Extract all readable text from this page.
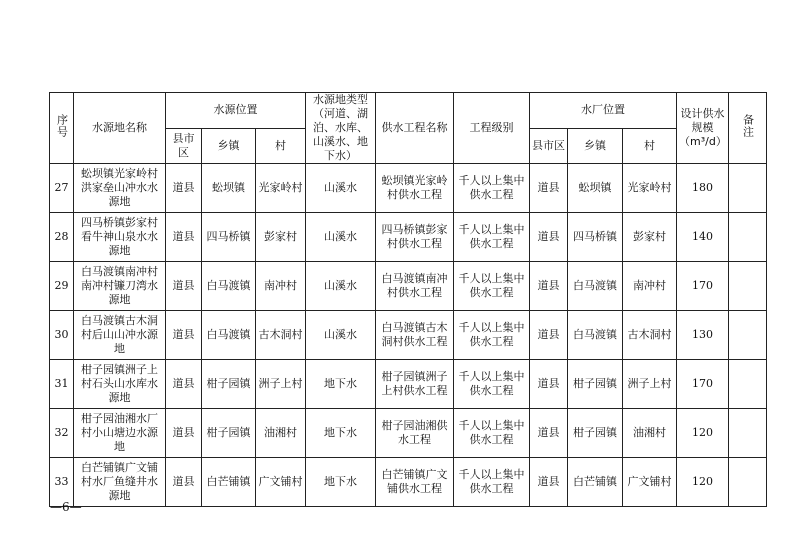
序号	水源地名称	水源位置			水源地类型（河道、湖泊、水库、山溪水、地下水）	供水工程名称	工程级别	水厂位置			设计供水规模（m³/d）	备注
		县市区	乡镇	村				县市区	乡镇	村		
27	蚣坝镇光家岭村洪家垒山冲水水源地	道县	蚣坝镇	光家岭村	山溪水	蚣坝镇光家岭村供水工程	千人以上集中供水工程	道县	蚣坝镇	光家岭村	180	
28	四马桥镇彭家村看牛神山泉水水源地	道县	四马桥镇	彭家村	山溪水	四马桥镇彭家村供水工程	千人以上集中供水工程	道县	四马桥镇	彭家村	140	
29	白马渡镇南冲村南冲村镰刀湾水源地	道县	白马渡镇	南冲村	山溪水	白马渡镇南冲村供水工程	千人以上集中供水工程	道县	白马渡镇	南冲村	170	
30	白马渡镇古木洞村后山山冲水源地	道县	白马渡镇	古木洞村	山溪水	白马渡镇古木洞村供水工程	千人以上集中供水工程	道县	白马渡镇	古木洞村	130	
31	柑子园镇洲子上村石头山水库水源地	道县	柑子园镇	洲子上村	地下水	柑子园镇洲子上村供水工程	千人以上集中供水工程	道县	柑子园镇	洲子上村	170	
32	柑子园油湘水厂村小山塘边水源地	道县	柑子园镇	油湘村	地下水	柑子园油湘供水工程	千人以上集中供水工程	道县	柑子园镇	油湘村	120	
33	白芒铺镇广文铺村水厂鱼缝井水源地	道县	白芒铺镇	广文铺村	地下水	白芒铺镇广文铺供水工程	千人以上集中供水工程	道县	白芒铺镇	广文铺村	120	
—6—
